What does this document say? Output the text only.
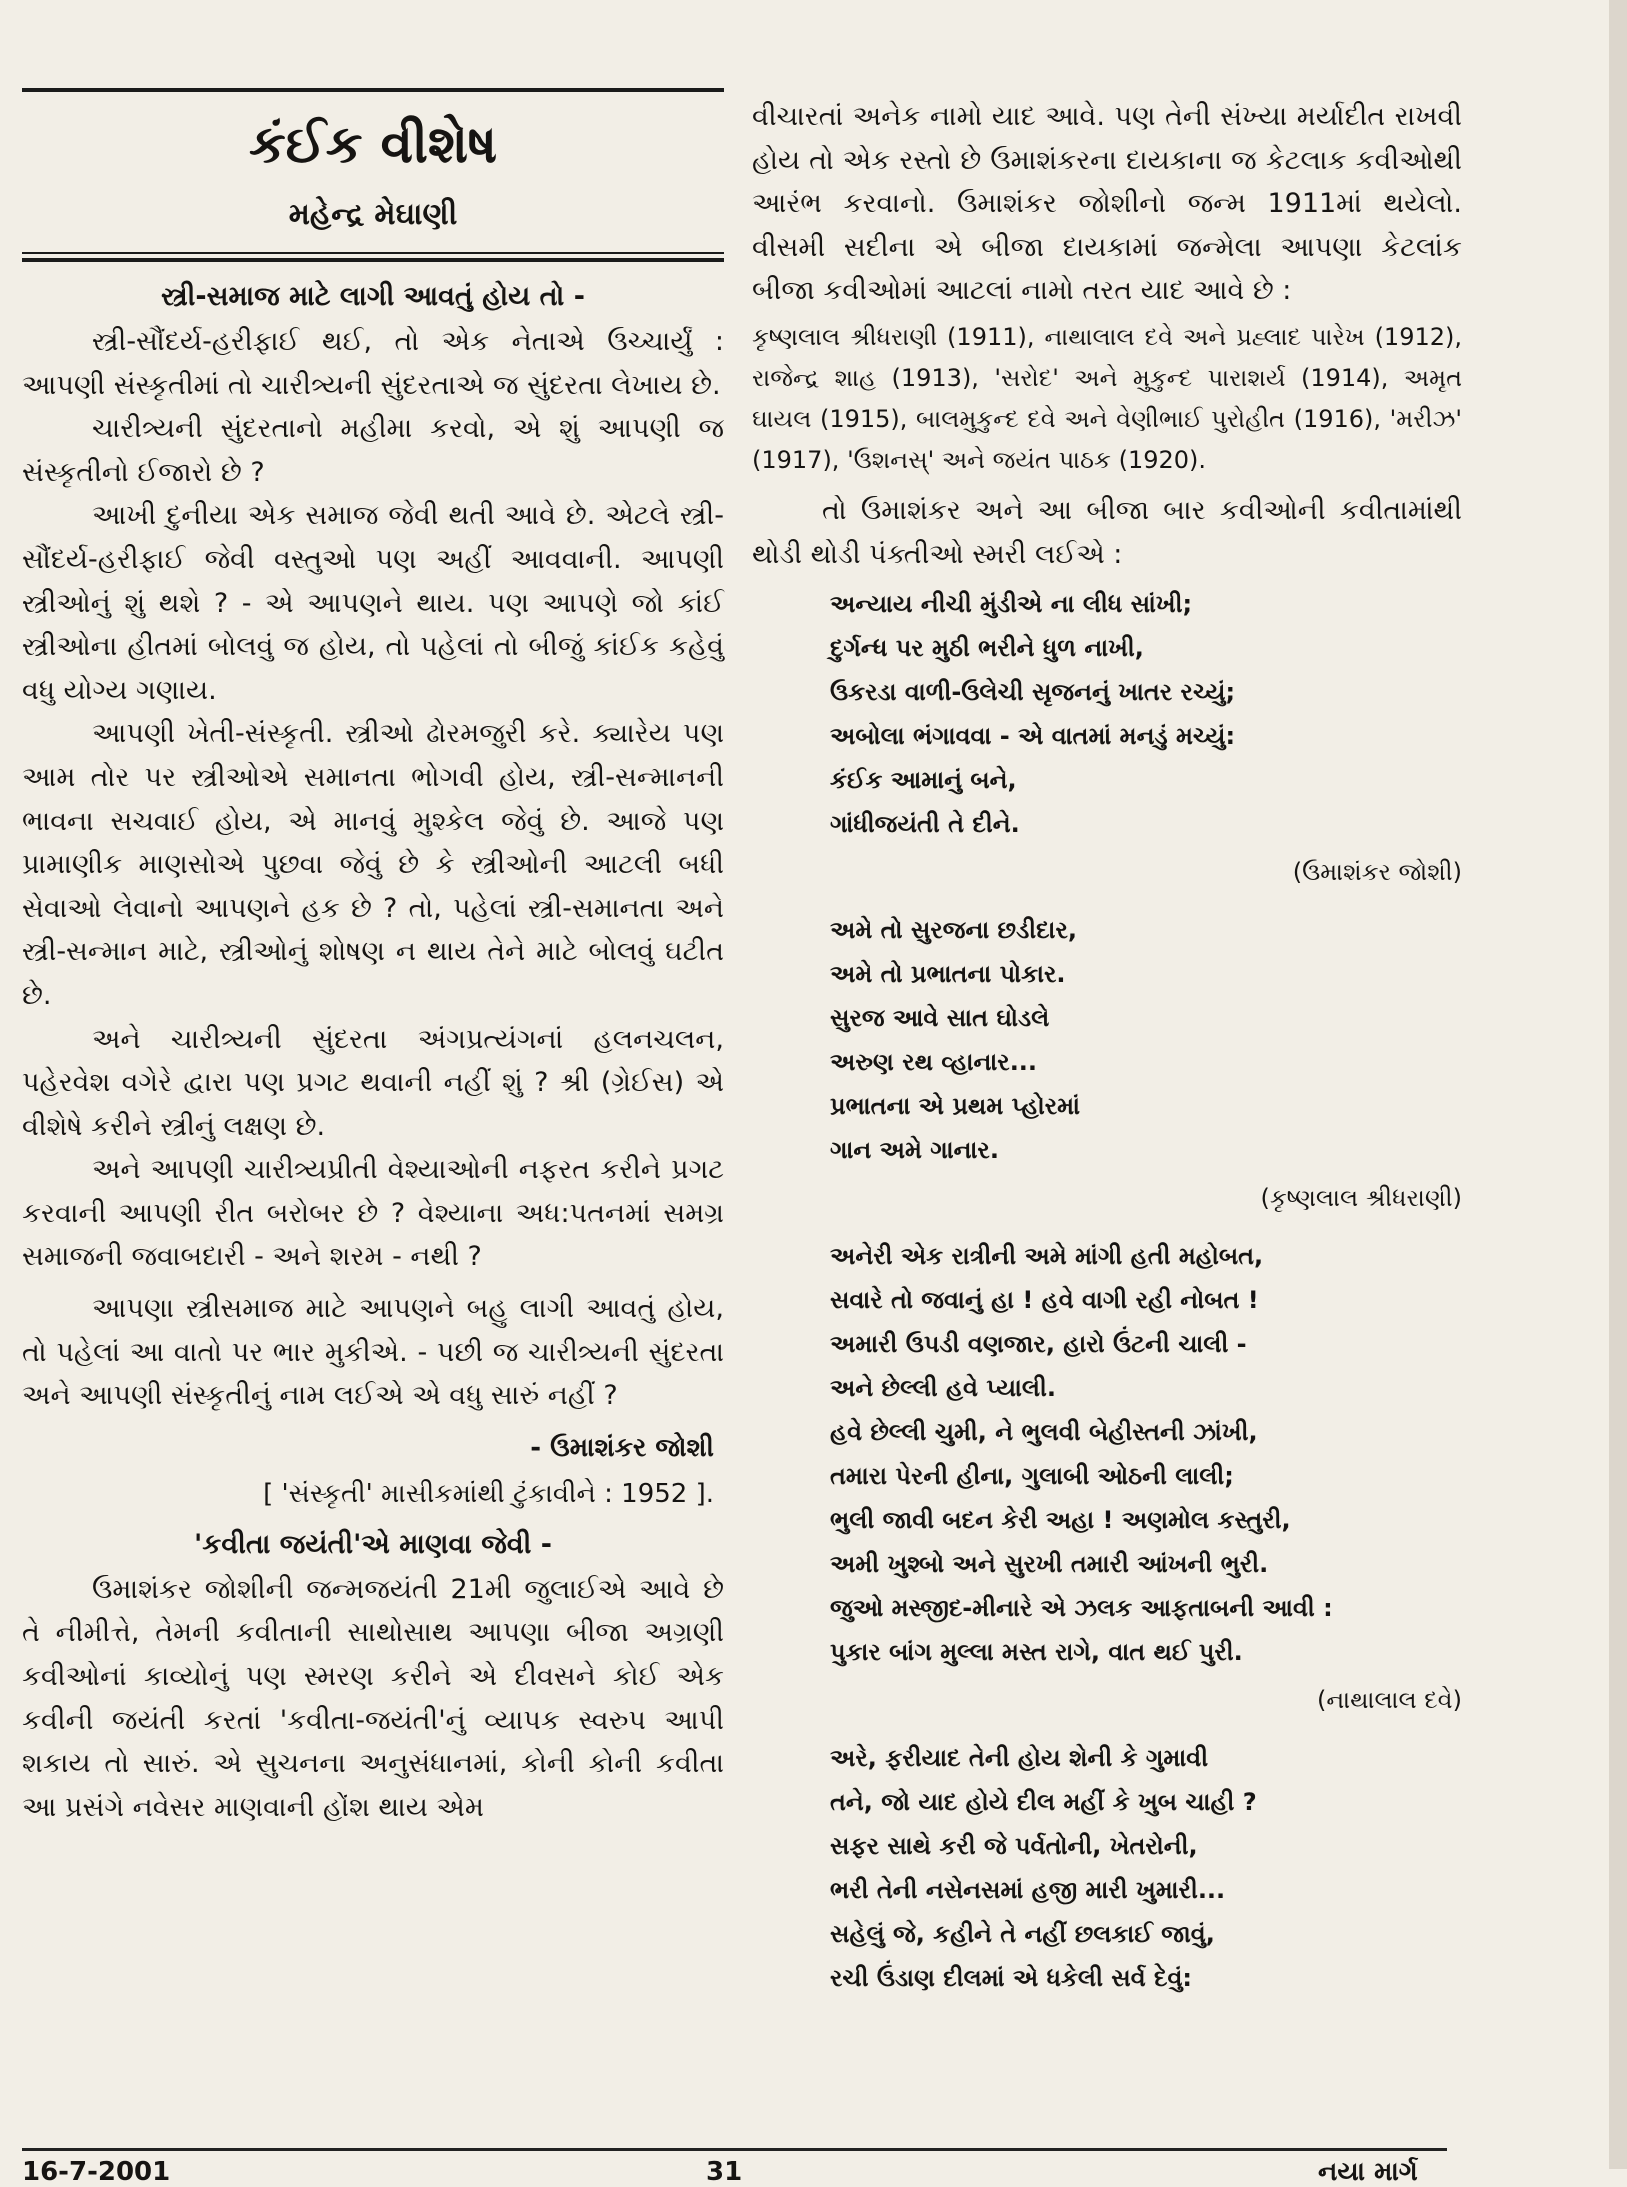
કંઈક વીશેષ
મહેન્દ્ર મેઘાણી
સ્ત્રી-સમાજ માટે લાગી આવતું હોય તો -

સ્ત્રી-સૌંદર્ય-હરીફાઈ થઈ, તો એક નેતાએ ઉચ્ચાર્યું : આપણી સંસ્કૃતીમાં તો ચારીત્ર્યની સુંદરતાએ જ સુંદરતા લેખાય છે.

ચારીત્ર્યની સુંદરતાનો મહીમા કરવો, એ શું આપણી જ સંસ્કૃતીનો ઈજારો છે ?

આખી દુનીયા એક સમાજ જેવી થતી આવે છે. એટલે સ્ત્રી-સૌંદર્ય-હરીફાઈ જેવી વસ્તુઓ પણ અહીં આવવાની. આપણી સ્ત્રીઓનું શું થશે ? - એ આપણને થાય. પણ આપણે જો કાંઈ સ્ત્રીઓના હીતમાં બોલવું જ હોય, તો પહેલાં તો બીજું કાંઈક કહેવું વધુ યોગ્ય ગણાય.

આપણી ખેતી-સંસ્કૃતી. સ્ત્રીઓ ઢોરમજુરી કરે. ક્યારેય પણ આમ તોર પર સ્ત્રીઓએ સમાનતા ભોગવી હોય, સ્ત્રી-સન્માનની ભાવના સચવાઈ હોય, એ માનવું મુશ્કેલ જેવું છે. આજે પણ પ્રામાણીક માણસોએ પુછવા જેવું છે કે સ્ત્રીઓની આટલી બધી સેવાઓ લેવાનો આપણને હક છે ? તો, પહેલાં સ્ત્રી-સમાનતા અને સ્ત્રી-સન્માન માટે, સ્ત્રીઓનું શોષણ ન થાય તેને માટે બોલવું ઘટીત છે.

અને ચારીત્ર્યની સુંદરતા અંગપ્રત્યંગનાં હલનચલન, પહેરવેશ વગેરે દ્વારા પણ પ્રગટ થવાની નહીં શું ? શ્રી (ગ્રેઈસ) એ વીશેષે કરીને સ્ત્રીનું લક્ષણ છે.

અને આપણી ચારીત્ર્યપ્રીતી વેશ્યાઓની નફરત કરીને પ્રગટ કરવાની આપણી રીત બરોબર છે ? વેશ્યાના અધ:પતનમાં સમગ્ર સમાજની જવાબદારી - અને શરમ - નથી ?

આપણા સ્ત્રીસમાજ માટે આપણને બહુ લાગી આવતું હોય, તો પહેલાં આ વાતો પર ભાર મુકીએ. - પછી જ ચારીત્ર્યની સુંદરતા અને આપણી સંસ્કૃતીનું નામ લઈએ એ વધુ સારું નહીં ?

- ઉમાશંકર જોશી
[ 'સંસ્કૃતી' માસીકમાંથી ટુંકાવીને : 1952 ].
'કવીતા જયંતી'એ માણવા જેવી -

ઉમાશંકર જોશીની જન્મજયંતી 21મી જુલાઈએ આવે છે તે નીમીત્તે, તેમની કવીતાની સાથોસાથ આપણા બીજા અગ્રણી કવીઓનાં કાવ્યોનું પણ સ્મરણ કરીને એ દીવસને કોઈ એક કવીની જયંતી કરતાં 'કવીતા-જયંતી'નું વ્યાપક સ્વરુપ આપી શકાય તો સારું. એ સુચનના અનુસંધાનમાં, કોની કોની કવીતા આ પ્રસંગે નવેસર માણવાની હોંશ થાય એમ

વીચારતાં અનેક નામો યાદ આવે. પણ તેની સંખ્યા મર્યાદીત રાખવી હોય તો એક રસ્તો છે ઉમાશંકરના દાયકાના જ કેટલાક કવીઓથી આરંભ કરવાનો. ઉમાશંકર જોશીનો જન્મ 1911માં થયેલો. વીસમી સદીના એ બીજા દાયકામાં જન્મેલા આપણા કેટલાંક બીજા કવીઓમાં આટલાં નામો તરત યાદ આવે છે :

કૃષ્ણલાલ શ્રીધરાણી (1911), નાથાલાલ દવે અને પ્રહ્લાદ પારેખ (1912), રાજેન્દ્ર શાહ (1913), 'સરોદ' અને મુકુન્દ પારાશર્ય (1914), અમૃત ઘાયલ (1915), બાલમુકુન્દ દવે અને વેણીભાઈ પુરોહીત (1916), 'મરીઝ' (1917), 'ઉશનસ્' અને જયંત પાઠક (1920).

તો ઉમાશંકર અને આ બીજા બાર કવીઓની કવીતામાંથી થોડી થોડી પંક્તીઓ સ્મરી લઈએ :

અન્યાય નીચી મુંડીએ ના લીધ સાંખી;
દુર્ગન્ધ પર મુઠી ભરીને ધુળ નાખી,
ઉકરડા વાળી-ઉલેચી સૃજનનું ખાતર રચ્યું;
અબોલા ભંગાવવા - એ વાતમાં મનડું મચ્યું:
કંઈક આમાનું બને,
ગાંધીજયંતી તે દીને.
(ઉમાશંકર જોશી)
અમે તો સુરજના છડીદાર,
અમે તો પ્રભાતના પોકાર.
સુરજ આવે સાત ઘોડલે
અરુણ રથ વ્હાનાર...
પ્રભાતના એ પ્રથમ પ્હોરમાં
ગાન અમે ગાનાર.
(કૃષ્ણલાલ શ્રીધરાણી)
અનેરી એક રાત્રીની અમે માંગી હતી મહોબત,
સવારે તો જવાનું હા ! હવે વાગી રહી નોબત !
અમારી ઉપડી વણજાર, હારો ઉંટની ચાલી -
અને છેલ્લી હવે પ્યાલી.
હવે છેલ્લી ચુમી, ને ભુલવી બેહીસ્તની ઝાંખી,
તમારા પેરની હીના, ગુલાબી ઓઠની લાલી;
ભુલી જાવી બદન કેરી અહા ! અણમોલ કસ્તુરી,
અમી ખુશ્બો અને સુરખી તમારી આંખની ભુરી.
જુઓ મસ્જીદ-મીનારે એ ઝલક આફતાબની આવી :
પુકાર બાંગ મુલ્લા મસ્ત રાગે, વાત થઈ પુરી.
(નાથાલાલ દવે)
અરે, ફરીયાદ તેની હોય શેની કે ગુમાવી
તને, જો યાદ હોયે દીલ મહીં કે ખુબ ચાહી ?
સફર સાથે કરી જે પર્વતોની, ખેતરોની,
ભરી તેની નસેનસમાં હજી મારી ખુમારી...
સહેલું જે, કહીને તે નહીં છલકાઈ જાવું,
રચી ઉંડાણ દીલમાં એ ધકેલી સર્વ દેવું:
16-7-2001	31	નયા માર્ગ
